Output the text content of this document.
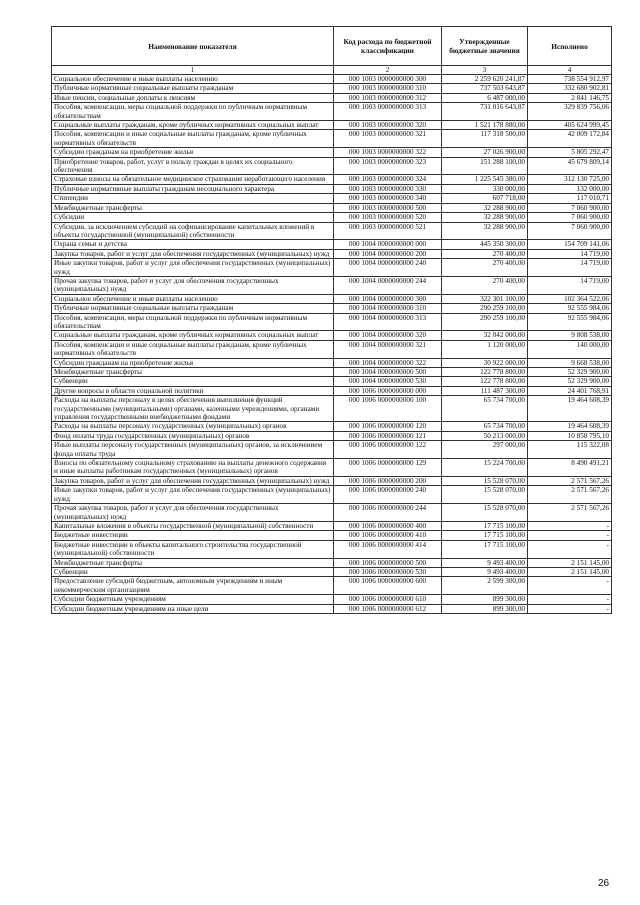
Наименование показателя	Код расхода по бюджетной классификации	Утвержденные бюджетные значения	Исполнено
1	2	3	4
Социальное обеспечение и иные выплаты населению	000 1003 0000000000 300	2 259 620 241,87	738 554 912,97
Публичные нормативные социальные выплаты гражданам	000 1003 0000000000 310	737 503 643,87	332 680 902,81
Иные пенсии, социальные доплаты к пенсиям	000 1003 0000000000 312	6 487 000,00	2 841 146,75
Пособия, компенсации, меры социальной поддержки по публичным нормативным обязательствам	000 1003 0000000000 313	731 016 643,87	329 839 756,06
Социальные выплаты гражданам, кроме публичных нормативных социальных выплат	000 1003 0000000000 320	1 521 178 880,00	405 624 999,45
Пособия, компенсации и иные социальные выплаты гражданам, кроме публичных нормативных обязательств	000 1003 0000000000 321	117 318 500,00	42 009 172,84
Субсидии гражданам на приобретение жилья	000 1003 0000000000 322	27 026 900,00	5 805 292,47
Приобретение товаров, работ, услуг в пользу граждан в целях их социального обеспечения	000 1003 0000000000 323	151 288 100,00	45 679 809,14
Страховые взносы на обязательное медицинское страхование неработающего населения	000 1003 0000000000 324	1 225 545 380,00	312 130 725,00
Публичные нормативные выплаты гражданам несоциального характера	000 1003 0000000000 330	330 000,00	132 000,00
Стипендии	000 1003 0000000000 340	607 718,00	117 010,71
Межбюджетные трансферты	000 1003 0000000000 500	32 288 900,00	7 060 900,00
Субсидии	000 1003 0000000000 520	32 288 900,00	7 060 900,00
Субсидии, за исключением субсидий на софинансирование капитальных вложений в объекты государственной (муниципальной) собственности	000 1003 0000000000 521	32 288 900,00	7 060 900,00
Охрана семьи и детства	000 1004 0000000000 000	445 350 300,00	154 709 141,06
Закупка товаров, работ и услуг для обеспечения государственных (муниципальных) нужд	000 1004 0000000000 200	270 400,00	14 719,00
Иные закупки товаров, работ и услуг для обеспечения государственных (муниципальных) нужд	000 1004 0000000000 240	270 400,00	14 719,00
Прочая закупка товаров, работ и услуг для обеспечения государственных (муниципальных) нужд	000 1004 0000000000 244	270 400,00	14 719,00
Социальное обеспечение и иные выплаты населению	000 1004 0000000000 300	322 301 100,00	102 364 522,06
Публичные нормативные социальные выплаты гражданам	000 1004 0000000000 310	290 259 100,00	92 555 984,06
Пособия, компенсации, меры социальной поддержки по публичным нормативным обязательствам	000 1004 0000000000 313	290 259 100,00	92 555 984,06
Социальные выплаты гражданам, кроме публичных нормативных социальных выплат	000 1004 0000000000 320	32 042 000,00	9 808 538,00
Пособия, компенсации и иные социальные выплаты гражданам, кроме публичных нормативных обязательств	000 1004 0000000000 321	1 120 000,00	140 000,00
Субсидии гражданам на приобретение жилья	000 1004 0000000000 322	30 922 000,00	9 668 538,00
Межбюджетные трансферты	000 1004 0000000000 500	122 778 800,00	52 329 900,00
Субвенции	000 1004 0000000000 530	122 778 800,00	52 329 900,00
Другие вопросы в области социальной политики	000 1006 0000000000 000	111 487 300,00	24 401 768,91
Расходы на выплаты персоналу в целях обеспечения выполнения функций государственными (муниципальными) органами, казенными учреждениями, органами управления государственными внебюджетными фондами	000 1006 0000000000 100	65 734 700,00	19 464 608,39
Расходы на выплаты персоналу государственных (муниципальных) органов	000 1006 0000000000 120	65 734 700,00	19 464 608,39
Фонд оплаты труда государственных (муниципальных) органов	000 1006 0000000000 121	50 213 000,00	10 858 795,10
Иные выплаты персоналу государственных (муниципальных) органов, за исключением фонда оплаты труда	000 1006 0000000000 122	297 000,00	115 322,08
Взносы по обязательному социальному страхованию на выплаты денежного содержания и иные выплаты работникам государственных (муниципальных) органов	000 1006 0000000000 129	15 224 700,00	8 490 491,21
Закупка товаров, работ и услуг для обеспечения государственных (муниципальных) нужд	000 1006 0000000000 200	15 528 070,00	2 571 567,26
Иные закупки товаров, работ и услуг для обеспечения государственных (муниципальных) нужд	000 1006 0000000000 240	15 528 070,00	2 571 567,26
Прочая закупка товаров, работ и услуг для обеспечения государственных (муниципальных) нужд	000 1006 0000000000 244	15 528 070,00	2 571 567,26
Капитальные вложения в объекты государственной (муниципальной) собственности	000 1006 0000000000 400	17 715 100,00	-
Бюджетные инвестиции	000 1006 0000000000 410	17 715 100,00	-
Бюджетные инвестиции в объекты капитального строительства государственной (муниципальной) собственности	000 1006 0000000000 414	17 715 100,00	-
Межбюджетные трансферты	000 1006 0000000000 500	9 493 400,00	2 151 145,00
Субвенции	000 1006 0000000000 530	9 493 400,00	2 151 145,00
Предоставление субсидий бюджетным, автономным учреждениям и иным некоммерческим организациям	000 1006 0000000000 600	2 599 300,00	-
Субсидии бюджетным учреждениям	000 1006 0000000000 610	899 300,00	-
Субсидии бюджетным учреждениям на иные цели	000 1006 0000000000 612	899 300,00	-
26
